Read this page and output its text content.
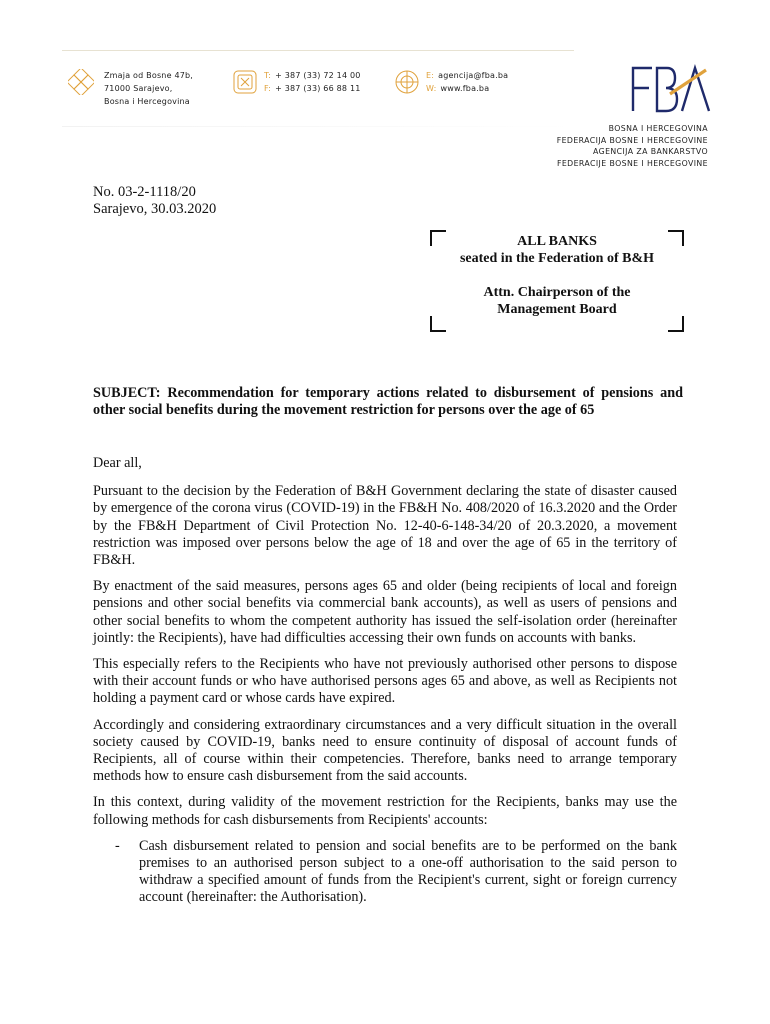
Zmaja od Bosne 47b,
71000 Sarajevo,
Bosna i Hercegovina
T: + 387 (33) 72 14 00
F: + 387 (33) 66 88 11
E: agencija@fba.ba
W: www.fba.ba
BOSNA I HERCEGOVINA
FEDERACIJA BOSNE I HERCEGOVINE
AGENCIJA ZA BANKARSTVO
FEDERACIJE BOSNE I HERCEGOVINE
No. 03-2-1118/20
Sarajevo, 30.03.2020
ALL BANKS
seated in the Federation of B&H
Attn. Chairperson of the
Management Board
SUBJECT: Recommendation for temporary actions related to disbursement of pensions and other social benefits during the movement restriction for persons over the age of 65

Dear all,

Pursuant to the decision by the Federation of B&H Government declaring the state of disaster caused by emergence of the corona virus (COVID-19) in the FB&H No. 408/2020 of 16.3.2020 and the Order by the FB&H Department of Civil Protection No. 12-40-6-148-34/20 of 20.3.2020, a movement restriction was imposed over persons below the age of 18 and over the age of 65 in the territory of FB&H.

By enactment of the said measures, persons ages 65 and older (being recipients of local and foreign pensions and other social benefits via commercial bank accounts), as well as users of pensions and other social benefits to whom the competent authority has issued the self-isolation order (hereinafter jointly: the Recipients), have had difficulties accessing their own funds on accounts with banks.

This especially refers to the Recipients who have not previously authorised other persons to dispose with their account funds or who have authorised persons ages 65 and above, as well as Recipients not holding a payment card or whose cards have expired.

Accordingly and considering extraordinary circumstances and a very difficult situation in the overall society caused by COVID-19, banks need to ensure continuity of disposal of account funds of Recipients, all of course within their competencies. Therefore, banks need to arrange temporary methods how to ensure cash disbursement from the said accounts.

In this context, during validity of the movement restriction for the Recipients, banks may use the following methods for cash disbursements from Recipients' accounts:

- Cash disbursement related to pension and social benefits are to be performed on the bank premises to an authorised person subject to a one-off authorisation to the said person to withdraw a specified amount of funds from the Recipient's current, sight or foreign currency account (hereinafter: the Authorisation).
